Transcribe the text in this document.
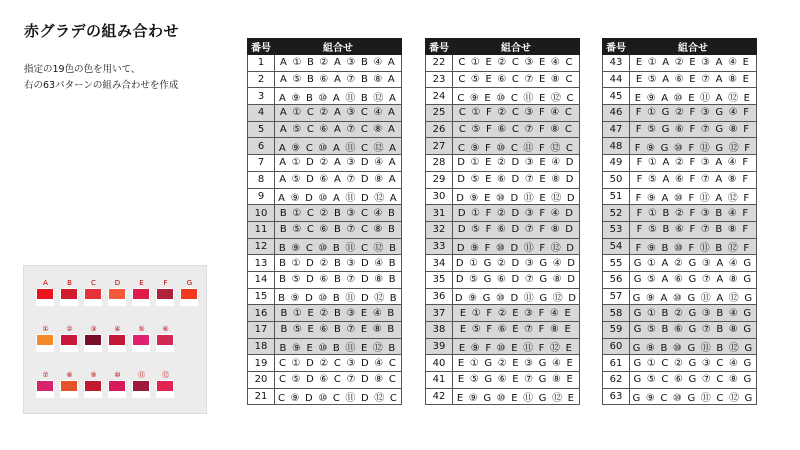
赤グラデの組み合わせ
指定の19色の色を用いて、
右の63パターンの組み合わせを作成
A	B	C	D	E	F	G
①	②	③	④	⑤	⑥
⑦	⑧	⑨	⑩	⑪	⑫
番号	組合せ
1	A ① B ② A ③ B ④ A
2	A ⑤ B ⑥ A ⑦ B ⑧ A
3	A ⑨ B ⑩ A ⑪ B ⑫ A
4	A ① C ② A ③ C ④ A
5	A ⑤ C ⑥ A ⑦ C ⑧ A
6	A ⑨ C ⑩ A ⑪ C ⑫ A
7	A ① D ② A ③ D ④ A
8	A ⑤ D ⑥ A ⑦ D ⑧ A
9	A ⑨ D ⑩ A ⑪ D ⑫ A
10	B ① C ② B ③ C ④ B
11	B ⑤ C ⑥ B ⑦ C ⑧ B
12	B ⑨ C ⑩ B ⑪ C ⑫ B
13	B ① D ② B ③ D ④ B
14	B ⑤ D ⑥ B ⑦ D ⑧ B
15	B ⑨ D ⑩ B ⑪ D ⑫ B
16	B ① E ② B ③ E ④ B
17	B ⑤ E ⑥ B ⑦ E ⑧ B
18	B ⑨ E ⑩ B ⑪ E ⑫ B
19	C ① D ② C ③ D ④ C
20	C ⑤ D ⑥ C ⑦ D ⑧ C
21	C ⑨ D ⑩ C ⑪ D ⑫ C
番号	組合せ
22	C ① E ② C ③ E ④ C
23	C ⑤ E ⑥ C ⑦ E ⑧ C
24	C ⑨ E ⑩ C ⑪ E ⑫ C
25	C ① F ② C ③ F ④ C
26	C ⑤ F ⑥ C ⑦ F ⑧ C
27	C ⑨ F ⑩ C ⑪ F ⑫ C
28	D ① E ② D ③ E ④ D
29	D ⑤ E ⑥ D ⑦ E ⑧ D
30	D ⑨ E ⑩ D ⑪ E ⑫ D
31	D ① F ② D ③ F ④ D
32	D ⑤ F ⑥ D ⑦ F ⑧ D
33	D ⑨ F ⑩ D ⑪ F ⑫ D
34	D ① G ② D ③ G ④ D
35	D ⑤ G ⑥ D ⑦ G ⑧ D
36	D ⑨ G ⑩ D ⑪ G ⑫ D
37	E ① F ② E ③ F ④ E
38	E ⑤ F ⑥ E ⑦ F ⑧ E
39	E ⑨ F ⑩ E ⑪ F ⑫ E
40	E ① G ② E ③ G ④ E
41	E ⑤ G ⑥ E ⑦ G ⑧ E
42	E ⑨ G ⑩ E ⑪ G ⑫ E
番号	組合せ
43	E ① A ② E ③ A ④ E
44	E ⑤ A ⑥ E ⑦ A ⑧ E
45	E ⑨ A ⑩ E ⑪ A ⑫ E
46	F ① G ② F ③ G ④ F
47	F ⑤ G ⑥ F ⑦ G ⑧ F
48	F ⑨ G ⑩ F ⑪ G ⑫ F
49	F ① A ② F ③ A ④ F
50	F ⑤ A ⑥ F ⑦ A ⑧ F
51	F ⑨ A ⑩ F ⑪ A ⑫ F
52	F ① B ② F ③ B ④ F
53	F ⑤ B ⑥ F ⑦ B ⑧ F
54	F ⑨ B ⑩ F ⑪ B ⑫ F
55	G ① A ② G ③ A ④ G
56	G ⑤ A ⑥ G ⑦ A ⑧ G
57	G ⑨ A ⑩ G ⑪ A ⑫ G
58	G ① B ② G ③ B ④ G
59	G ⑤ B ⑥ G ⑦ B ⑧ G
60	G ⑨ B ⑩ G ⑪ B ⑫ G
61	G ① C ② G ③ C ④ G
62	G ⑤ C ⑥ G ⑦ C ⑧ G
63	G ⑨ C ⑩ G ⑪ C ⑫ G
